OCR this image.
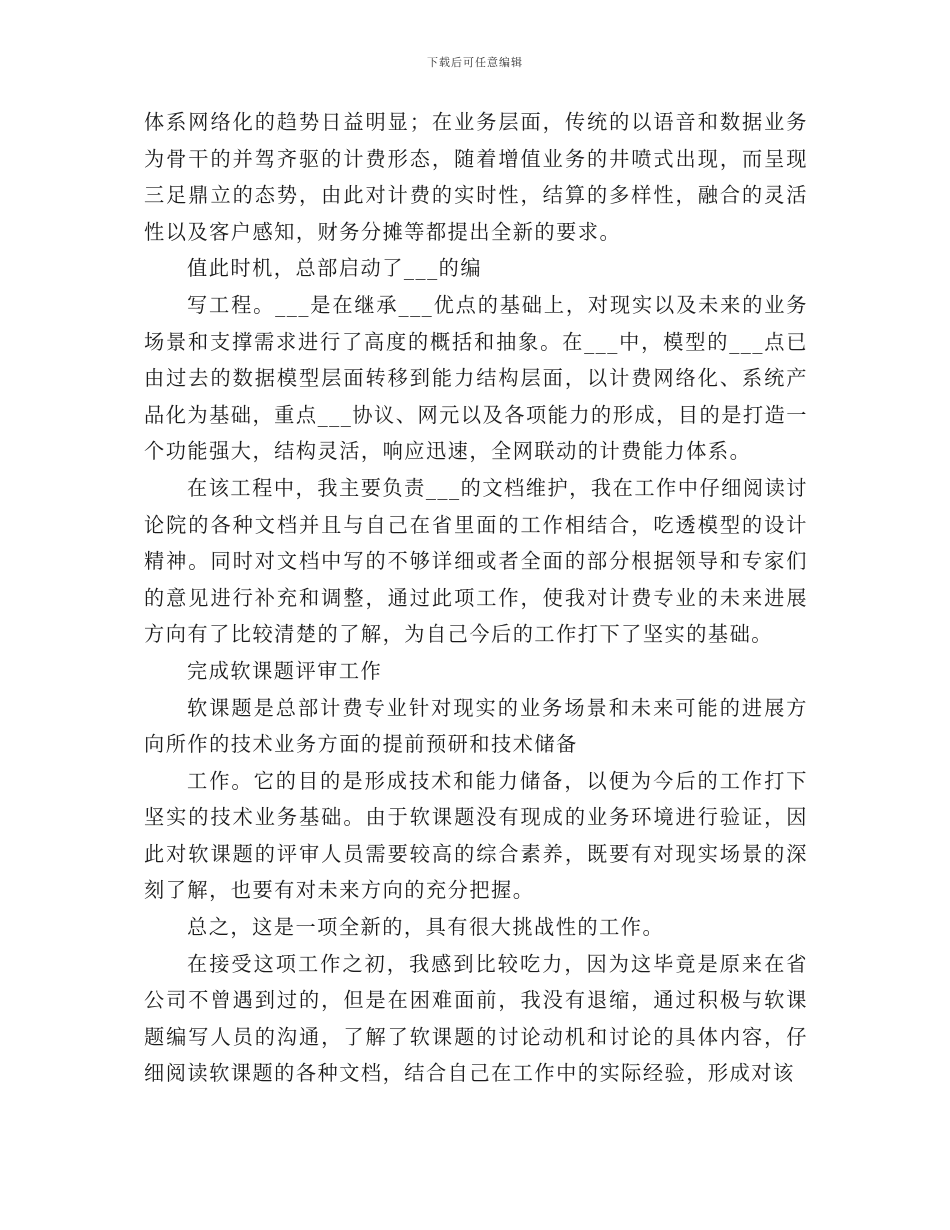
下载后可任意编辑

体系网络化的趋势日益明显；在业务层面，传统的以语音和数据业务为骨干的并驾齐驱的计费形态，随着增值业务的井喷式出现，而呈现三足鼎立的态势，由此对计费的实时性，结算的多样性，融合的灵活性以及客户感知，财务分摊等都提出全新的要求。

值此时机，总部启动了___的编

写工程。___是在继承___优点的基础上，对现实以及未来的业务场景和支撑需求进行了高度的概括和抽象。在___中，模型的___点已由过去的数据模型层面转移到能力结构层面，以计费网络化、系统产品化为基础，重点___协议、网元以及各项能力的形成，目的是打造一个功能强大，结构灵活，响应迅速，全网联动的计费能力体系。

在该工程中，我主要负责___的文档维护，我在工作中仔细阅读讨论院的各种文档并且与自己在省里面的工作相结合，吃透模型的设计精神。同时对文档中写的不够详细或者全面的部分根据领导和专家们的意见进行补充和调整，通过此项工作，使我对计费专业的未来进展方向有了比较清楚的了解，为自己今后的工作打下了坚实的基础。

完成软课题评审工作

软课题是总部计费专业针对现实的业务场景和未来可能的进展方向所作的技术业务方面的提前预研和技术储备

工作。它的目的是形成技术和能力储备，以便为今后的工作打下坚实的技术业务基础。由于软课题没有现成的业务环境进行验证，因此对软课题的评审人员需要较高的综合素养，既要有对现实场景的深刻了解，也要有对未来方向的充分把握。

总之，这是一项全新的，具有很大挑战性的工作。

在接受这项工作之初，我感到比较吃力，因为这毕竟是原来在省公司不曾遇到过的，但是在困难面前，我没有退缩，通过积极与软课题编写人员的沟通，了解了软课题的讨论动机和讨论的具体内容，仔细阅读软课题的各种文档，结合自己在工作中的实际经验，形成对该
